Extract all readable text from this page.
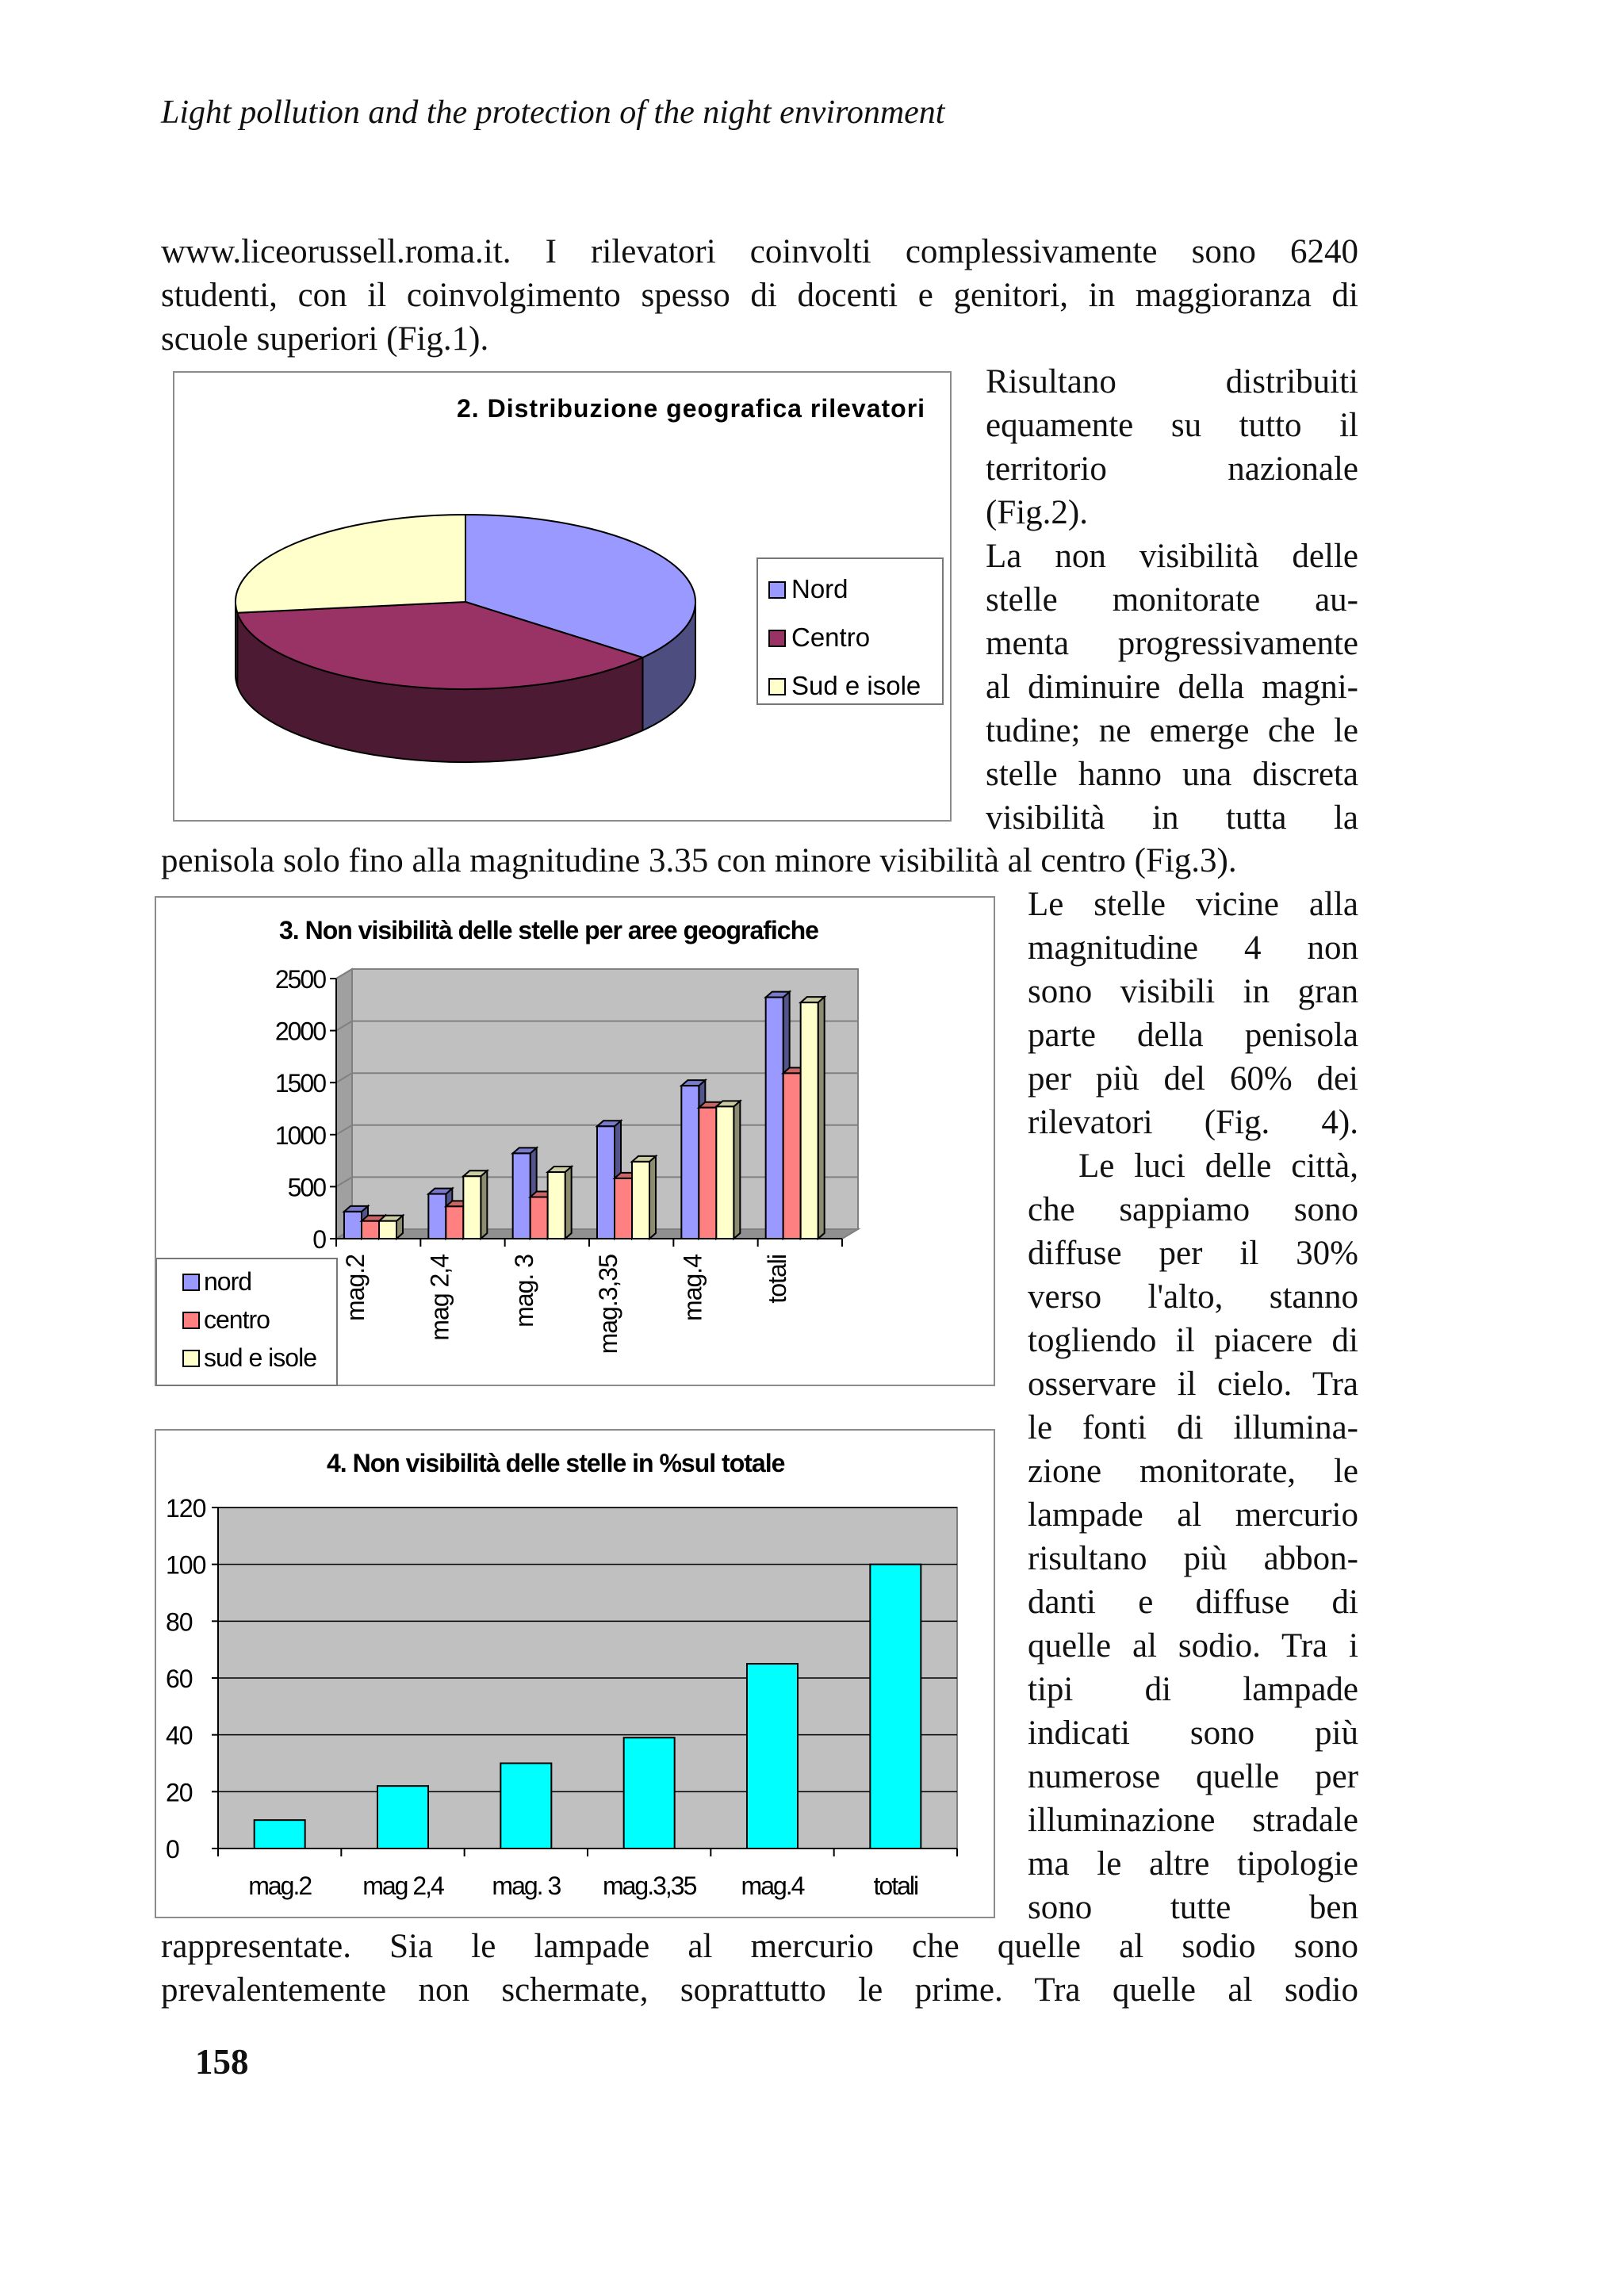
Light pollution and the protection of the night environment
www.liceorussell.roma.it. I rilevatori coinvolti complessivamente sono 6240
studenti, con il coinvolgimento spesso di docenti e genitori, in maggioranza di
scuole superiori (Fig.1).
Risultano distribuiti
equamente su tutto il
territorio nazionale
(Fig.2).
La non visibilità delle
stelle monitorate au-
menta progressivamente
al diminuire della magni-
tudine; ne emerge che le
stelle hanno una discreta
visibilità in tutta la
penisola solo fino alla magnitudine 3.35 con minore visibilità al centro (Fig.3).
Le stelle vicine alla
magnitudine 4 non
sono visibili in gran
parte della penisola
per più del 60% dei
rilevatori (Fig. 4).
Le luci delle città,
che sappiamo sono
diffuse per il 30%
verso l'alto, stanno
togliendo il piacere di
osservare il cielo. Tra
le fonti di illumina-
zione monitorate, le
lampade al mercurio
risultano più abbon-
danti e diffuse di
quelle al sodio. Tra i
tipi di lampade
indicati sono più
numerose quelle per
illuminazione stradale
ma le altre tipologie
sono tutte ben
rappresentate. Sia le lampade al mercurio che quelle al sodio sono
prevalentemente non schermate, soprattutto le prime. Tra quelle al sodio
158
2. Distribuzione geografica rilevatori
Nord
Centro
Sud e isole
3. Non visibilità delle stelle per aree geografiche
0
500
1000
1500
2000
2500
mag.2 mag 2,4 mag. 3 mag.3,35 mag.4 totali
nord
centro
sud e isole
4. Non visibilità delle stelle in %sul totale
0
20
40
60
80
100
120
mag.2 mag 2,4 mag. 3 mag.3,35 mag.4	totali
